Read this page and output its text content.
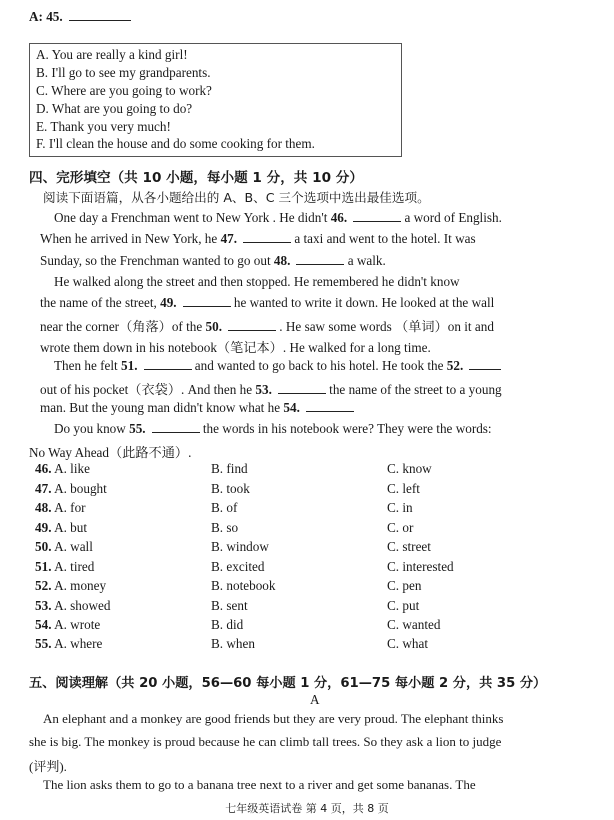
A: 45.
A. You are really a kind girl!
B. I'll go to see my grandparents.
C. Where are you going to work?
D. What are you going to do?
E. Thank you very much!
F. I'll clean the house and do some cooking for them.
四、完形填空（共 10 小题，每小题 1 分，共 10 分）
阅读下面语篇，从各小题给出的 A、B、C 三个选项中选出最佳选项。
One day a Frenchman went to New York . He didn't 46.	a word of English.
When he arrived in New York, he 47.	a taxi and went to the hotel. It was
Sunday, so the Frenchman wanted to go out 48.	a walk.
He walked along the street and then stopped. He remembered he didn't know
the name of the street, 49.	he wanted to write it down. He looked at the wall
near the corner（角落）of the 50.	. He saw some words （单词）on it and
wrote them down in his notebook（笔记本）. He walked for a long time.
Then he felt 51.	and wanted to go back to his hotel. He took the 52.
out of his pocket（衣袋）. And then he 53.	the name of the street to a young
man. But the young man didn't know what he 54.
Do you know 55.	the words in his notebook were? They were the words:
No Way Ahead（此路不通）.
46. A. like	B. find	C. know
47. A. bought	B. took	C. left
48. A. for	B. of	C. in
49. A. but	B. so	C. or
50. A. wall	B. window	C. street
51. A. tired	B. excited	C. interested
52. A. money	B. notebook	C. pen
53. A. showed	B. sent	C. put
54. A. wrote	B. did	C. wanted
55. A. where	B. when	C. what
五、阅读理解（共 20 小题，56—60 每小题 1 分，61—75 每小题 2 分，共 35 分）
A
An elephant and a monkey are good friends but they are very proud. The elephant thinks
she is big. The monkey is proud because he can climb tall trees. So they ask a lion to judge
(评判).
The lion asks them to go to a banana tree next to a river and get some bananas. The
七年级英语试卷 第 4 页，共 8 页
